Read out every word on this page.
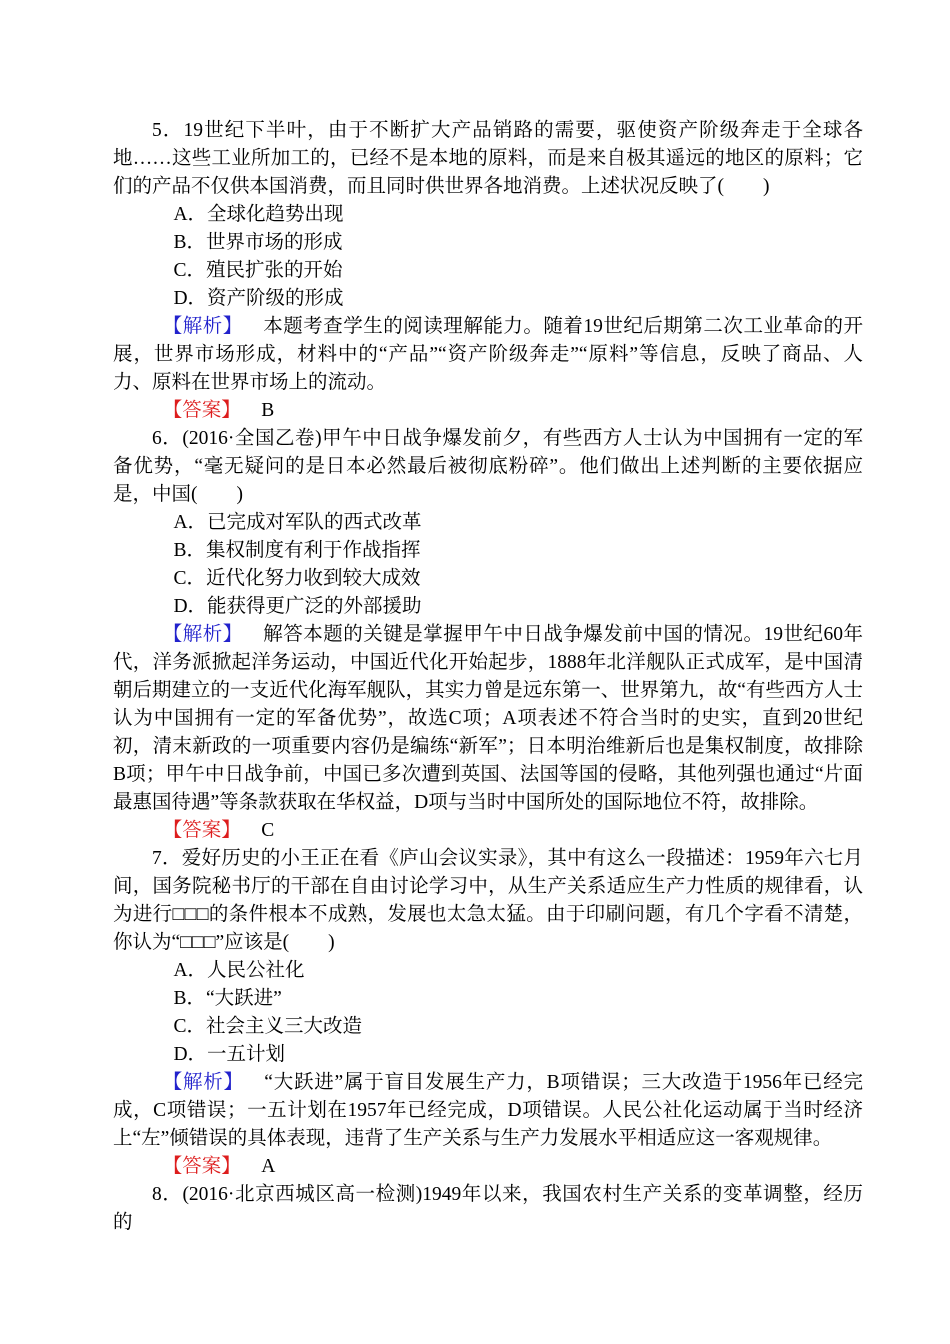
5．19世纪下半叶，由于不断扩大产品销路的需要，驱使资产阶级奔走于全球各地……这些工业所加工的，已经不是本地的原料，而是来自极其遥远的地区的原料；它们的产品不仅供本国消费，而且同时供世界各地消费。上述状况反映了(　　)

A．全球化趋势出现

B．世界市场的形成

C．殖民扩张的开始

D．资产阶级的形成

【解析】 本题考查学生的阅读理解能力。随着19世纪后期第二次工业革命的开展，世界市场形成，材料中的“产品”“资产阶级奔走”“原料”等信息，反映了商品、人力、原料在世界市场上的流动。

【答案】 B

6．(2016·全国乙卷)甲午中日战争爆发前夕，有些西方人士认为中国拥有一定的军备优势，“毫无疑问的是日本必然最后被彻底粉碎”。他们做出上述判断的主要依据应是，中国(　　)

A．已完成对军队的西式改革

B．集权制度有利于作战指挥

C．近代化努力收到较大成效

D．能获得更广泛的外部援助

【解析】 解答本题的关键是掌握甲午中日战争爆发前中国的情况。19世纪60年代，洋务派掀起洋务运动，中国近代化开始起步，1888年北洋舰队正式成军，是中国清朝后期建立的一支近代化海军舰队，其实力曾是远东第一、世界第九，故“有些西方人士认为中国拥有一定的军备优势”，故选C项；A项表述不符合当时的史实，直到20世纪初，清末新政的一项重要内容仍是编练“新军”；日本明治维新后也是集权制度，故排除B项；甲午中日战争前，中国已多次遭到英国、法国等国的侵略，其他列强也通过“片面最惠国待遇”等条款获取在华权益，D项与当时中国所处的国际地位不符，故排除。

【答案】 C

7．爱好历史的小王正在看《庐山会议实录》，其中有这么一段描述：1959年六七月间，国务院秘书厅的干部在自由讨论学习中，从生产关系适应生产力性质的规律看，认为进行□□□的条件根本不成熟，发展也太急太猛。由于印刷问题，有几个字看不清楚，你认为“□□□”应该是(　　)

A．人民公社化

B．“大跃进”

C．社会主义三大改造

D．一五计划

【解析】 “大跃进”属于盲目发展生产力，B项错误；三大改造于1956年已经完成，C项错误；一五计划在1957年已经完成，D项错误。人民公社化运动属于当时经济上“左”倾错误的具体表现，违背了生产关系与生产力发展水平相适应这一客观规律。

【答案】 A

8．(2016·北京西城区高一检测)1949年以来，我国农村生产关系的变革调整，经历的
